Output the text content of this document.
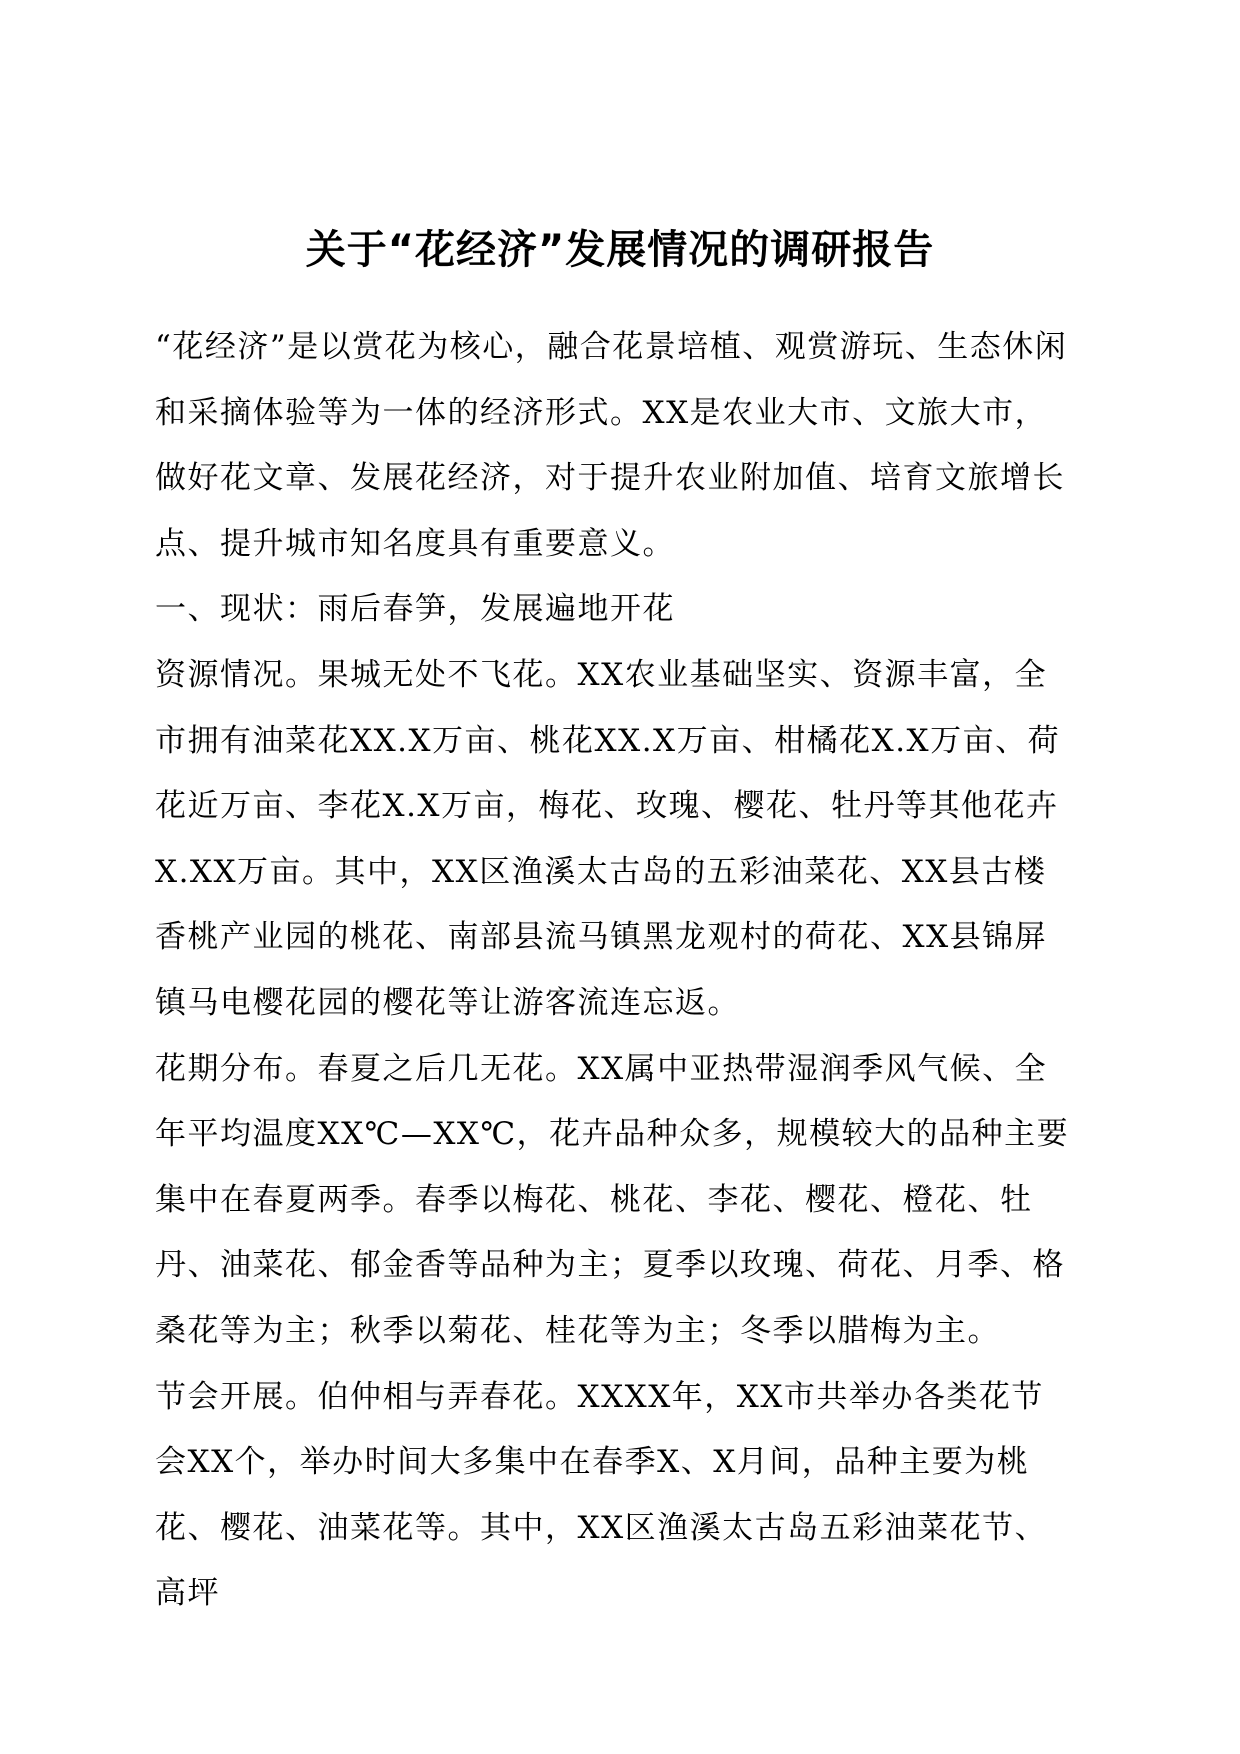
关于“花经济”发展情况的调研报告

“花经济”是以赏花为核心，融合花景培植、观赏游玩、生态休闲和采摘体验等为一体的经济形式。XX是农业大市、文旅大市，做好花文章、发展花经济，对于提升农业附加值、培育文旅增长点、提升城市知名度具有重要意义。

一、现状：雨后春笋，发展遍地开花

资源情况。果城无处不飞花。XX农业基础坚实、资源丰富，全市拥有油菜花XX.X万亩、桃花XX.X万亩、柑橘花X.X万亩、荷花近万亩、李花X.X万亩，梅花、玫瑰、樱花、牡丹等其他花卉X.XX万亩。其中，XX区渔溪太古岛的五彩油菜花、XX县古楼香桃产业园的桃花、南部县流马镇黑龙观村的荷花、XX县锦屏镇马电樱花园的樱花等让游客流连忘返。

花期分布。春夏之后几无花。XX属中亚热带湿润季风气候、全年平均温度XX℃—XX℃，花卉品种众多，规模较大的品种主要集中在春夏两季。春季以梅花、桃花、李花、樱花、橙花、牡丹、油菜花、郁金香等品种为主；夏季以玫瑰、荷花、月季、格桑花等为主；秋季以菊花、桂花等为主；冬季以腊梅为主。

节会开展。伯仲相与弄春花。XXXX年，XX市共举办各类花节会XX个，举办时间大多集中在春季X、X月间，品种主要为桃花、樱花、油菜花等。其中，XX区渔溪太古岛五彩油菜花节、高坪
